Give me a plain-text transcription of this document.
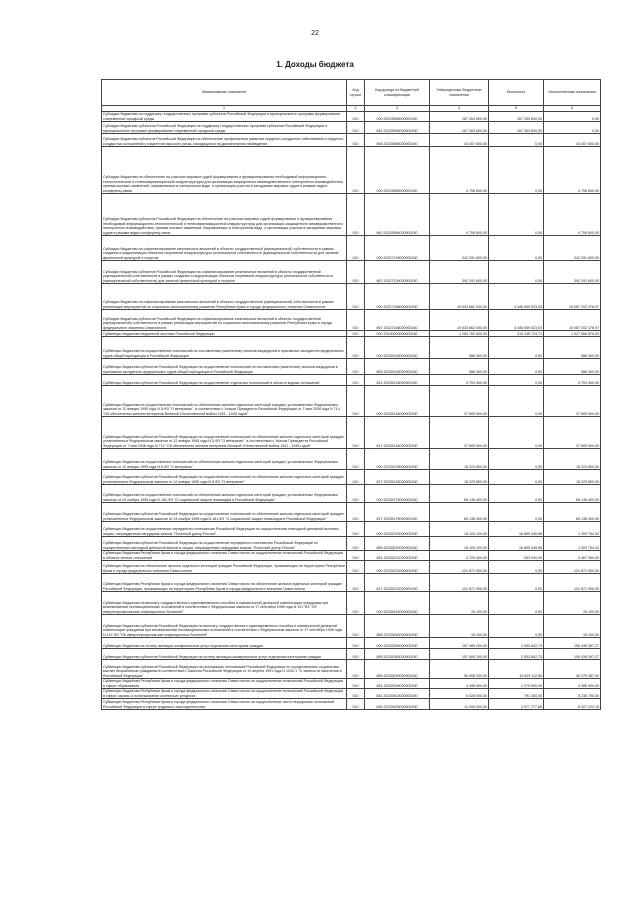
22
1. Доходы бюджета
Наименование показателя	Код строки	Код дохода по бюджетной классификации	Утвержденные бюджетные назначения	Исполнено	Неисполненные назначения
1	2	3	4	5	6
Субсидии бюджетам на поддержку государственных программ субъектов Российской Федерации и муниципальных программ формирования современной городской среды	010	000 20225555000000150	167 263 600,00	167 263 600,00	0,00
Субсидии бюджетам субъектов Российской Федерации на поддержку государственных программ субъектов Российской Федерации и муниципальных программ формирования современной городской среды	010	842 20225555020000150	167 263 600,00	167 263 600,00	0,00
Субсидии бюджетам субъектов Российской Федерации на обеспечение профилактики развития сердечно-сосудистых заболеваний и сердечно-сосудистых осложнений у пациентов высокого риска, находящихся на диспансерном наблюдении	010	806 20225586020000150	43 007 600,00	0,00	43 007 600,00
Субсидии бюджетам на обеспечение на участках мировых судей формирования и функционирования необходимой информационно-технологической и телекоммуникационной инфраструктуры для организации защищенного межведомственного электронного взаимодействия, приема исковых заявлений, направляемых в электронном виде, и организации участия в заседаниях мировых судов в режиме видео-конференц-связи	010	000 20225589000000150	4 708 600,00	0,00	4 708 600,00
Субсидии бюджетам субъектов Российской Федерации на обеспечение на участках мировых судей формирования и функционирования необходимой информационно-технологической и телекоммуникационной инфраструктуры для организации защищенного межведомственного электронного взаимодействия, приема исковых заявлений, направляемых в электронном виде, и организации участия в заседаниях мировых судов в режиме видео-конференц-связи	010	840 20225589020000150	4 708 600,00	0,00	4 708 600,00
Субсидии бюджетам на софинансирование капитальных вложений в объекты государственной (муниципальной) собственности в рамках создания и модернизации объектов спортивной инфраструктуры региональной собственности (муниципальной собственности) для занятий физической культурой и спортом	010	000 20227139000000150	342 291 600,00	0,00	342 291 600,00
Субсидии бюджетам субъектов Российской Федерации на софинансирование капитальных вложений в объекты государственной (муниципальной) собственности в рамках создания и модернизации объектов спортивной инфраструктуры региональной собственности (муниципальной собственности) для занятий физической культурой и спортом	010	867 20227139020000150	342 291 600,00	0,00	342 291 600,00
Субсидии бюджетам на софинансирование капитальных вложений в объекты государственной (муниципальной) собственности в рамках реализации мероприятий по социально-экономическому развитию Республики Крым и города федерального значения Севастополя	010	000 20227168000000150	19 533 862 000,00	4 446 659 523,03	15 087 202 476,97
Субсидии бюджетам субъектов Российской Федерации на софинансирование капитальных вложений в объекты государственной (муниципальной) собственности в рамках реализации мероприятий по социально-экономическому развитию Республики Крым и города федерального значения Севастополя	010	867 20227168020000150	19 533 862 000,00	4 446 659 523,03	15 087 202 476,97
Субвенции бюджетам бюджетной системы Российской Федерации	010	000 20230000000000150	1 260 762 600,00	233 135 724,71	1 027 566 875,29
Субвенции бюджетам на осуществление полномочий по составлению (изменению) списков кандидатов в присяжные заседатели федеральных судов общей юрисдикции в Российской Федерации	010	000 20235120000000150	586 300,00	0,00	586 300,00
Субвенции бюджетам субъектов Российской Федерации на осуществление полномочий по составлению (изменению) списков кандидатов в присяжные заседатели федеральных судов общей юрисдикции в Российской Федерации	010	863 20235120020000150	586 300,00	0,00	586 300,00
Субвенции бюджетам субъектов Российской Федерации на осуществление отдельных полномочий в области водных отношений	010	831 20235128020000150	3 704 400,00	0,00	3 704 400,00
Субвенции бюджетам на осуществление полномочий по обеспечению жильем отдельных категорий граждан, установленных Федеральным законом от 12 января 1995 года N 5-ФЗ "О ветеранах", в соответствии с Указом Президента Российской Федерации от 7 мая 2008 года N 714 "Об обеспечении жильем ветеранов Великой Отечественной войны 1941 - 1945 годов"	010	000 20235134000000150	37 893 900,00	0,00	37 893 900,00
Субвенции бюджетам субъектов Российской Федерации на осуществление полномочий по обеспечению жильем отдельных категорий граждан, установленных Федеральным законом от 12 января 1995 года N 5-ФЗ "О ветеранах", в соответствии с Указом Президента Российской Федерации от 7 мая 2008 года N 714 "Об обеспечении жильем ветеранов Великой Отечественной войны 1941 - 1945 годов"	010	817 20235134020000150	37 893 900,00	0,00	37 893 900,00
Субвенции бюджетам на осуществление полномочий по обеспечению жильем отдельных категорий граждан, установленных Федеральным законом от 12 января 1995 года N 5-ФЗ "О ветеранах"	010	000 20235135000000150	18 223 800,00	0,00	18 223 800,00
Субвенции бюджетам субъектов Российской Федерации на осуществление полномочий по обеспечению жильем отдельных категорий граждан, установленных Федеральным законом от 12 января 1995 года N 5-ФЗ "О ветеранах"	010	817 20235135020000150	18 223 800,00	0,00	18 223 800,00
Субвенции бюджетам на осуществление полномочий по обеспечению жильем отдельных категорий граждан, установленных Федеральным законом от 24 ноября 1995 года N 181-ФЗ "О социальной защите инвалидов в Российской Федерации"	010	000 20235176000000150	65 138 400,00	0,00	65 138 400,00
Субвенции бюджетам субъектов Российской Федерации на осуществление полномочий по обеспечению жильем отдельных категорий граждан, установленных Федеральным законом от 24 ноября 1995 года N 181-ФЗ "О социальной защите инвалидов в Российской Федерации"	010	817 20235176020000150	65 138 400,00	0,00	65 138 400,00
Субвенции бюджетам на осуществление переданного полномочия Российской Федерации по осуществлению ежегодной денежной выплаты лицам, награжденным нагрудным знаком "Почетный донор России"	010	000 20235220000000150	18 103 100,00	16 899 345,58	1 203 754,42
Субвенции бюджетам субъектов Российской Федерации на осуществление переданного полномочия Российской Федерации по осуществлению ежегодной денежной выплаты лицам, награжденным нагрудным знаком "Почетный донор России"	010	855 20235220020000150	18 103 100,00	16 899 345,58	1 203 754,42
Субвенции бюджетам Республики Крым и города федерального значения Севастополя на осуществление полномочий Российской Федерации в области лесных отношений	010	831 20235221020000150	3 720 400,00	253 040,00	3 467 360,00
Субвенции бюджетам на обеспечение жильем отдельных категорий граждан Российской Федерации, проживающих на территориях Республики Крым и города федерального значения Севастополя	010	000 20235222000000150	121 871 000,00	0,00	121 871 000,00
Субвенции бюджетам Республики Крым и города федерального значения Севастополя на обеспечение жильем отдельных категорий граждан Российской Федерации, проживающих на территориях Республики Крым и города федерального значения Севастополя	010	817 20235222020000150	121 871 000,00	0,00	121 871 000,00
Субвенции бюджетам на выплату государственного единовременного пособия и ежемесячной денежной компенсации гражданам при возникновении поствакцинальных осложнений в соответствии с Федеральным законом от 17 сентября 1998 года N 157-ФЗ "Об иммунопрофилактике инфекционных болезней"	010	000 20235240000000150	18 100,00	0,00	18 100,00
Субвенции бюджетам субъектов Российской Федерации на выплату государственного единовременного пособия и ежемесячной денежной компенсации гражданам при возникновении поствакцинальных осложнений в соответствии с Федеральным законом от 17 сентября 1998 года N 157-ФЗ "Об иммунопрофилактике инфекционных болезней"	010	855 20235240020000150	18 100,00	0,00	18 100,00
Субвенции бюджетам на оплату жилищно-коммунальных услуг отдельным категориям граждан	010	000 20235250000000150	157 489 200,00	2 053 802,73	155 435 397,27
Субвенции бюджетам субъектов Российской Федерации на оплату жилищно-коммунальных услуг отдельным категориям граждан	010	855 20235250020000150	157 489 200,00	2 053 802,73	155 435 397,27
Субвенции бюджетам субъектов Российской Федерации на реализацию полномочий Российской Федерации по осуществлению социальных выплат безработным гражданам в соответствии с Законом Российской Федерации от 19 апреля 1991 года N 1032-1 "О занятости населения в Российской Федерации"	010	855 20235290020000150	50 908 200,00	10 629 112,50	40 279 087,50
Субвенции бюджетам Республики Крым и города федерального значения Севастополя на осуществление полномочий Российской Федерации в сфере образования	010	831 20235399020000150	4 456 900,00	1 070 000,00	3 386 900,00
Субвенции бюджетам Республики Крым и города федерального значения Севастополя на осуществление полномочий Российской Федерации в сфере охраны и использования охотничьих ресурсов	010	831 20235402020000150	6 028 000,00	791 300,00	5 236 700,00
Субвенции бюджетам Республики Крым и города федерального значения Севастополя на осуществление части переданных полномочий Российской Федерации в сфере трудового законодательства	010	835 20235435020000150	11 005 000,00	2 077 777,85	8 927 222,15
·
·
·
